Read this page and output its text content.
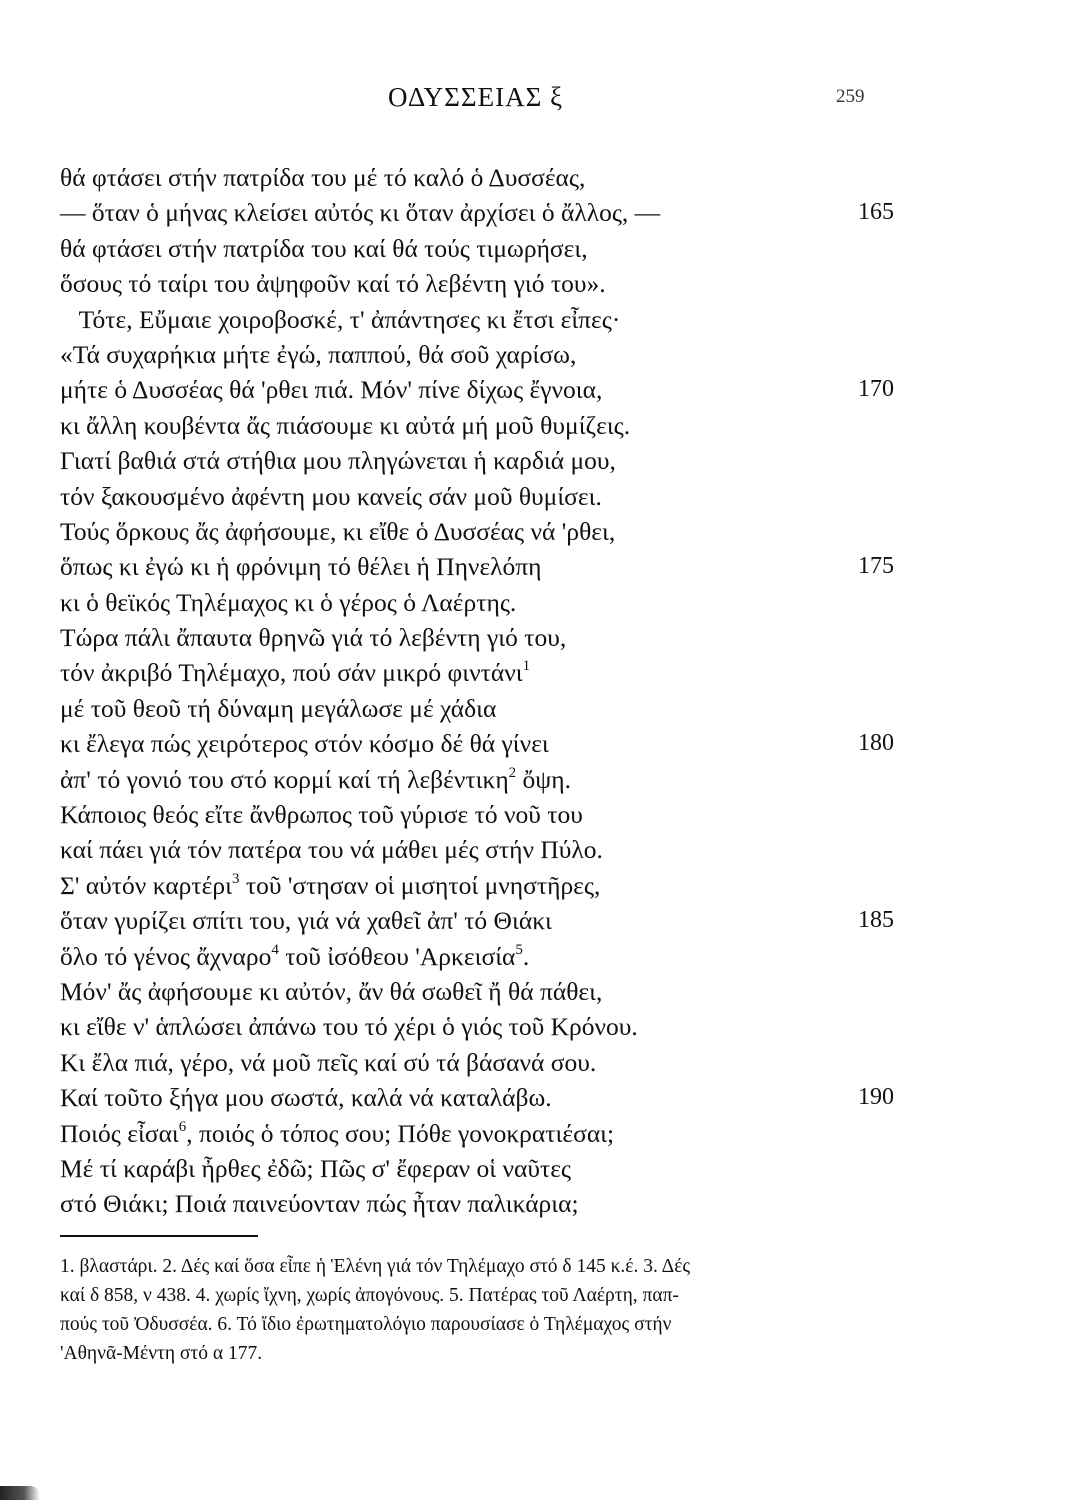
ΟΔΥΣΣΕΙΑΣ ξ	259
θά φτάσει στήν πατρίδα του μέ τό καλό ὁ Δυσσέας,
— ὅταν ὁ μήνας κλείσει αὐτός κι ὅταν ἀρχίσει ὁ ἄλλος, —	165
θά φτάσει στήν πατρίδα του καί θά τούς τιμωρήσει,
ὅσους τό ταίρι του ἀψηφοῦν καί τό λεβέντη γιό του».
Τότε, Εὔμαιε χοιροβοσκέ, τ' ἀπάντησες κι ἔτσι εἶπες·
«Τά συχαρήκια μήτε ἐγώ, παππού, θά σοῦ χαρίσω,
μήτε ὁ Δυσσέας θά 'ρθει πιά. Μόν' πίνε δίχως ἔγνοια,	170
κι ἄλλη κουβέντα ἄς πιάσουμε κι αὐτά μή μοῦ θυμίζεις.
Γιατί βαθιά στά στήθια μου πληγώνεται ἡ καρδιά μου,
τόν ξακουσμένο ἀφέντη μου κανείς σάν μοῦ θυμίσει.
Τούς ὅρκους ἄς ἀφήσουμε, κι εἴθε ὁ Δυσσέας νά 'ρθει,
ὅπως κι ἐγώ κι ἡ φρόνιμη τό θέλει ἡ Πηνελόπη	175
κι ὁ θεϊκός Τηλέμαχος κι ὁ γέρος ὁ Λαέρτης.
Τώρα πάλι ἄπαυτα θρηνῶ γιά τό λεβέντη γιό του,
τόν ἀκριβό Τηλέμαχο, πού σάν μικρό φιντάνι$^1$
μέ τοῦ θεοῦ τή δύναμη μεγάλωσε μέ χάδια
κι ἔλεγα πώς χειρότερος στόν κόσμο δέ θά γίνει	180
ἀπ' τό γονιό του στό κορμί καί τή λεβέντικη$^2$ ὄψη.
Κάποιος θεός εἴτε ἄνθρωπος τοῦ γύρισε τό νοῦ του
καί πάει γιά τόν πατέρα του νά μάθει μές στήν Πύλο.
Σ' αὐτόν καρτέρι$^3$ τοῦ 'στησαν οἱ μισητοί μνηστῆρες,
ὅταν γυρίζει σπίτι του, γιά νά χαθεῖ ἀπ' τό Θιάκι	185
ὅλο τό γένος ἄχναρο$^4$ τοῦ ἰσόθεου 'Αρκεισία$^5$.
Μόν' ἄς ἀφήσουμε κι αὐτόν, ἄν θά σωθεῖ ἤ θά πάθει,
κι εἴθε ν' ἁπλώσει ἀπάνω του τό χέρι ὁ γιός τοῦ Κρόνου.
Κι ἔλα πιά, γέρο, νά μοῦ πεῖς καί σύ τά βάσανά σου.
Καί τοῦτο ξήγα μου σωστά, καλά νά καταλάβω.	190
Ποιός εἶσαι$^6$, ποιός ὁ τόπος σου; Πόθε γονοκρατιέσαι;
Μέ τί καράβι ἦρθες ἐδῶ; Πῶς σ' ἔφεραν οἱ ναῦτες
στό Θιάκι; Ποιά παινεύονταν πώς ἦταν παλικάρια;
1. βλαστάρι. 2. Δές καί ὅσα εἶπε ἡ Ἑλένη γιά τόν Τηλέμαχο στό δ 145 κ.έ. 3. Δές
καί δ 858, ν 438. 4. χωρίς ἴχνη, χωρίς ἀπογόνους. 5. Πατέρας τοῦ Λαέρτη, παπ-
πούς τοῦ Ὀδυσσέα. 6. Τό ἴδιο ἐρωτηματολόγιο παρουσίασε ὁ Τηλέμαχος στήν
'Αθηνᾶ-Μέντη στό α 177.
